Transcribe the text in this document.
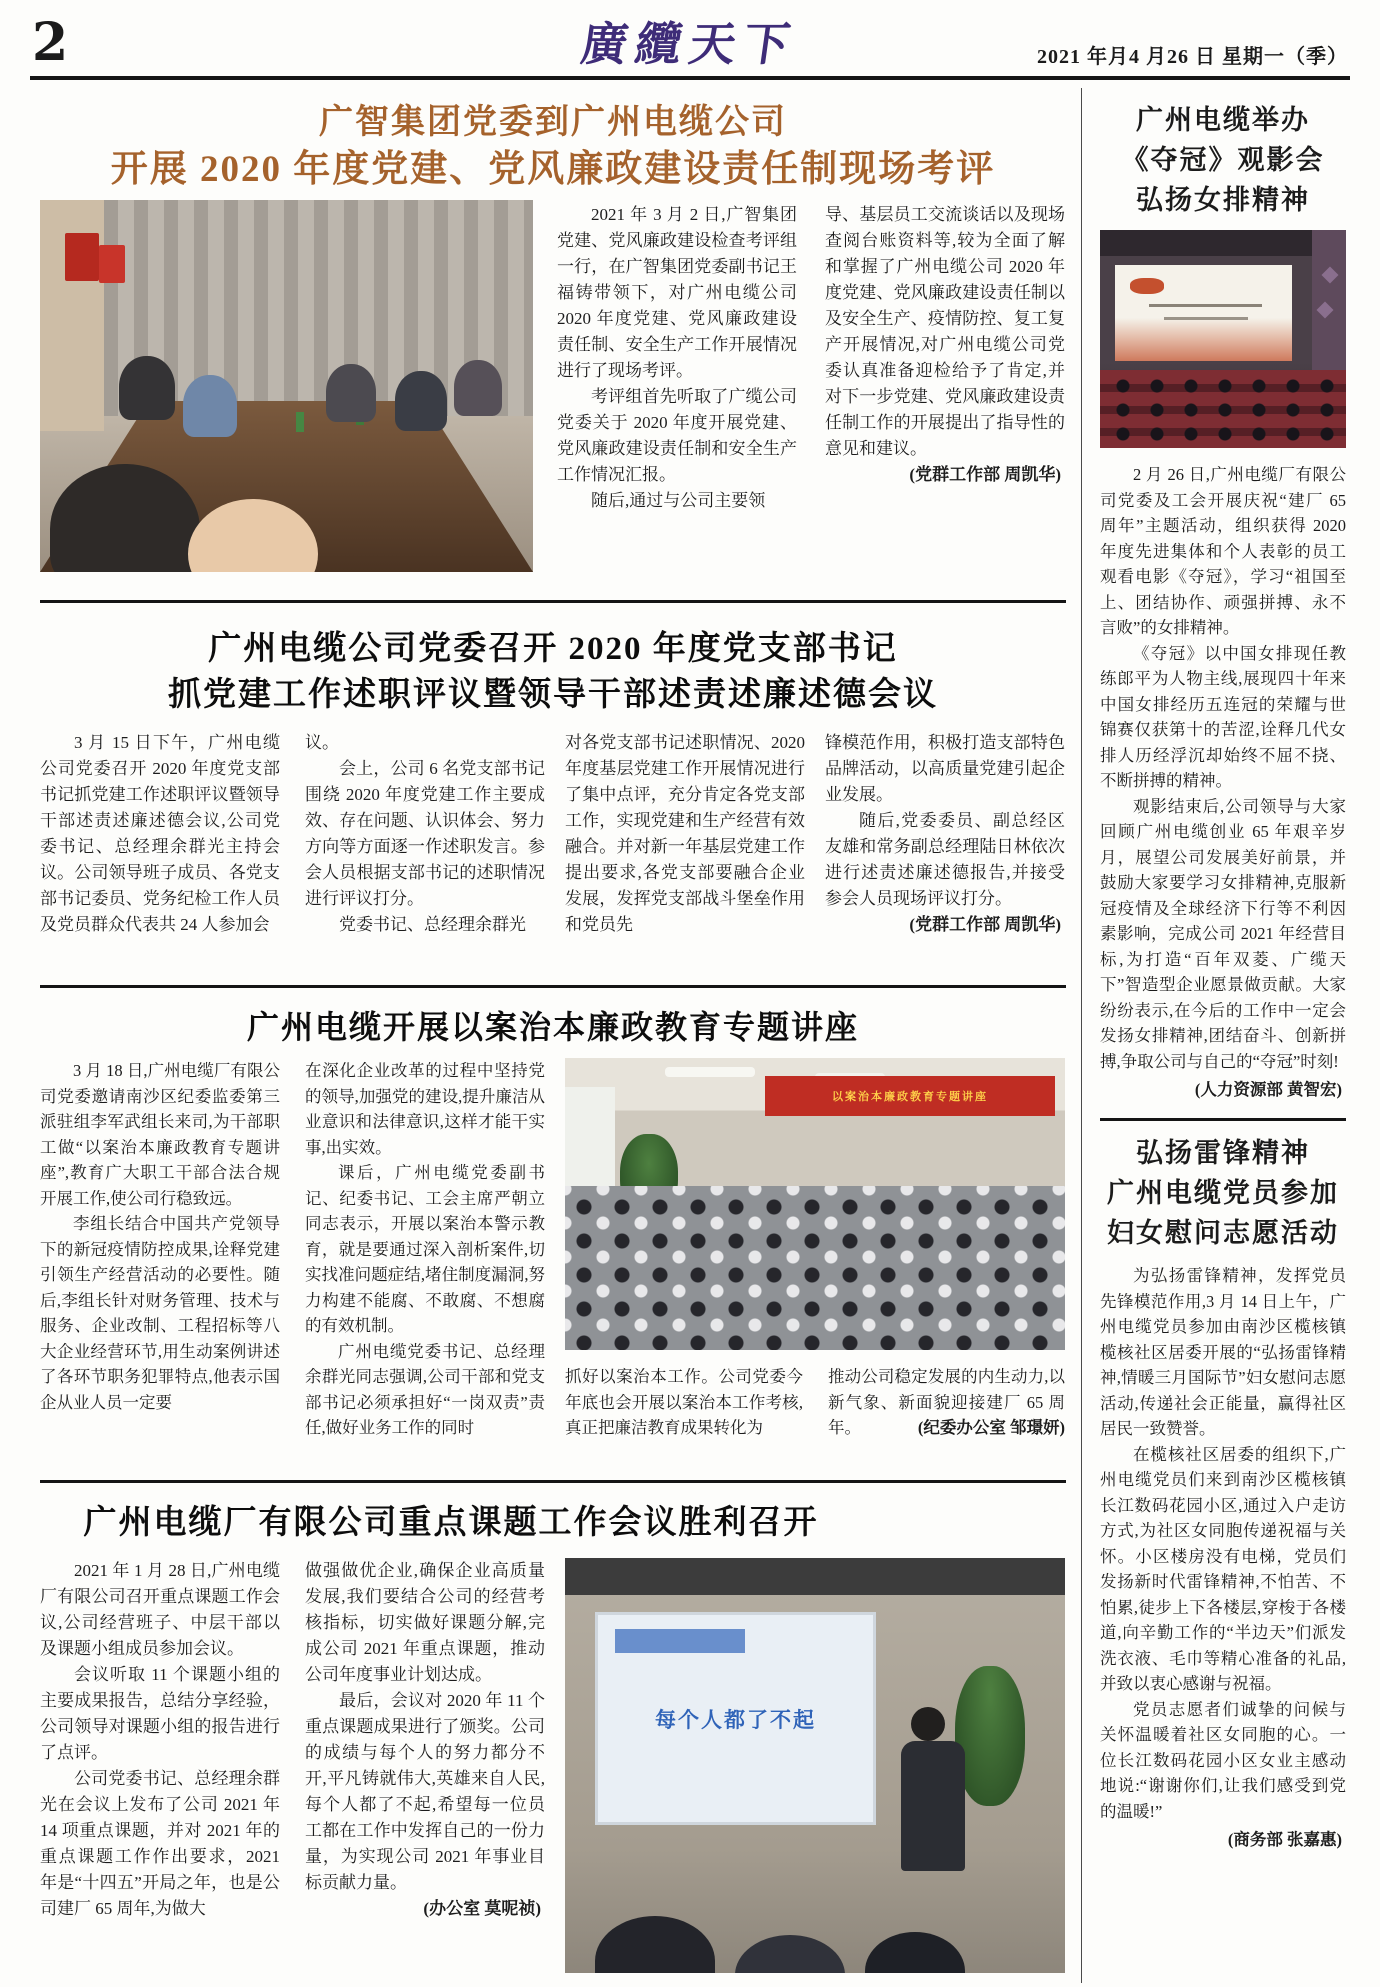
2	廣纜天下	2021 年月4 月26 日 星期一（季）
广智集团党委到广州电缆公司
开展 2020 年度党建、党风廉政建设责任制现场考评

2021 年 3 月 2 日,广智集团党建、党风廉政建设检查考评组一行，在广智集团党委副书记王福铸带领下，对广州电缆公司 2020 年度党建、党风廉政建设责任制、安全生产工作开展情况进行了现场考评。

考评组首先听取了广缆公司党委关于 2020 年度开展党建、党风廉政建设责任制和安全生产工作情况汇报。

随后,通过与公司主要领

导、基层员工交流谈话以及现场查阅台账资料等,较为全面了解和掌握了广州电缆公司 2020 年度党建、党风廉政建设责任制以及安全生产、疫情防控、复工复产开展情况,对广州电缆公司党委认真准备迎检给予了肯定,并对下一步党建、党风廉政建设责任制工作的开展提出了指导性的意见和建议。

(党群工作部 周凯华)

广州电缆公司党委召开 2020 年度党支部书记
抓党建工作述职评议暨领导干部述责述廉述德会议

3 月 15 日下午，广州电缆公司党委召开 2020 年度党支部书记抓党建工作述职评议暨领导干部述责述廉述德会议,公司党委书记、总经理余群光主持会议。公司领导班子成员、各党支部书记委员、党务纪检工作人员及党员群众代表共 24 人参加会

议。

会上，公司 6 名党支部书记围绕 2020 年度党建工作主要成效、存在问题、认识体会、努力方向等方面逐一作述职发言。参会人员根据支部书记的述职情况进行评议打分。

党委书记、总经理余群光

对各党支部书记述职情况、2020 年度基层党建工作开展情况进行了集中点评，充分肯定各党支部工作，实现党建和生产经营有效融合。并对新一年基层党建工作提出要求,各党支部要融合企业发展，发挥党支部战斗堡垒作用和党员先

锋模范作用，积极打造支部特色品牌活动，以高质量党建引起企业发展。

随后,党委委员、副总经区友雄和常务副总经理陆日林依次进行述责述廉述德报告,并接受参会人员现场评议打分。

(党群工作部 周凯华)

广州电缆开展以案治本廉政教育专题讲座

3 月 18 日,广州电缆厂有限公司党委邀请南沙区纪委监委第三派驻组李军武组长来司,为干部职工做“以案治本廉政教育专题讲座”,教育广大职工干部合法合规开展工作,使公司行稳致远。

李组长结合中国共产党领导下的新冠疫情防控成果,诠释党建引领生产经营活动的必要性。随后,李组长针对财务管理、技术与服务、企业改制、工程招标等八大企业经营环节,用生动案例讲述了各环节职务犯罪特点,他表示国企从业人员一定要

在深化企业改革的过程中坚持党的领导,加强党的建设,提升廉洁从业意识和法律意识,这样才能干实事,出实效。

课后，广州电缆党委副书记、纪委书记、工会主席严朝立同志表示，开展以案治本警示教育，就是要通过深入剖析案件,切实找准问题症结,堵住制度漏洞,努力构建不能腐、不敢腐、不想腐的有效机制。

广州电缆党委书记、总经理余群光同志强调,公司干部和党支部书记必须承担好“一岗双责”责任,做好业务工作的同时

以案治本廉政教育专题讲座

抓好以案治本工作。公司党委今年底也会开展以案治本工作考核,真正把廉洁教育成果转化为

推动公司稳定发展的内生动力,以新气象、新面貌迎接建厂 65 周年。	(纪委办公室 邹璟妍)

广州电缆厂有限公司重点课题工作会议胜利召开

2021 年 1 月 28 日,广州电缆厂有限公司召开重点课题工作会议,公司经营班子、中层干部以及课题小组成员参加会议。

会议听取 11 个课题小组的主要成果报告，总结分享经验，公司领导对课题小组的报告进行了点评。

公司党委书记、总经理余群光在会议上发布了公司 2021 年 14 项重点课题，并对 2021 年的重点课题工作作出要求，2021 年是“十四五”开局之年，也是公司建厂 65 周年,为做大

做强做优企业,确保企业高质量发展,我们要结合公司的经营考核指标，切实做好课题分解,完成公司 2021 年重点课题，推动公司年度事业计划达成。

最后，会议对 2020 年 11 个重点课题成果进行了颁奖。公司的成绩与每个人的努力都分不开,平凡铸就伟大,英雄来自人民,每个人都了不起,希望每一位员工都在工作中发挥自己的一份力量，为实现公司 2021 年事业目标贡献力量。

(办公室 莫呢祯)

每个人都了不起
广州电缆举办
《夺冠》观影会
弘扬女排精神

2 月 26 日,广州电缆厂有限公司党委及工会开展庆祝“建厂 65 周年”主题活动，组织获得 2020 年度先进集体和个人表彰的员工观看电影《夺冠》，学习“祖国至上、团结协作、顽强拼搏、永不言败”的女排精神。

《夺冠》以中国女排现任教练郎平为人物主线,展现四十年来中国女排经历五连冠的荣耀与世锦赛仅获第十的苦涩,诠释几代女排人历经浮沉却始终不屈不挠、不断拼搏的精神。

观影结束后,公司领导与大家回顾广州电缆创业 65 年艰辛岁月，展望公司发展美好前景，并鼓励大家要学习女排精神,克服新冠疫情及全球经济下行等不利因素影响，完成公司 2021 年经营目标,为打造“百年双菱、广缆天下”智造型企业愿景做贡献。大家纷纷表示,在今后的工作中一定会发扬女排精神,团结奋斗、创新拼搏,争取公司与自己的“夺冠”时刻!

(人力资源部 黄智宏)
弘扬雷锋精神
广州电缆党员参加
妇女慰问志愿活动

为弘扬雷锋精神，发挥党员先锋模范作用,3 月 14 日上午，广州电缆党员参加由南沙区榄核镇榄核社区居委开展的“弘扬雷锋精神,情暖三月国际节”妇女慰问志愿活动,传递社会正能量，赢得社区居民一致赞誉。

在榄核社区居委的组织下,广州电缆党员们来到南沙区榄核镇长江数码花园小区,通过入户走访方式,为社区女同胞传递祝福与关怀。小区楼房没有电梯，党员们发扬新时代雷锋精神,不怕苦、不怕累,徒步上下各楼层,穿梭于各楼道,向辛勤工作的“半边天”们派发洗衣液、毛巾等精心准备的礼品,并致以衷心感谢与祝福。

党员志愿者们诚挚的问候与关怀温暖着社区女同胞的心。一位长江数码花园小区女业主感动地说:“谢谢你们,让我们感受到党的温暖!”

(商务部 张嘉惠)
